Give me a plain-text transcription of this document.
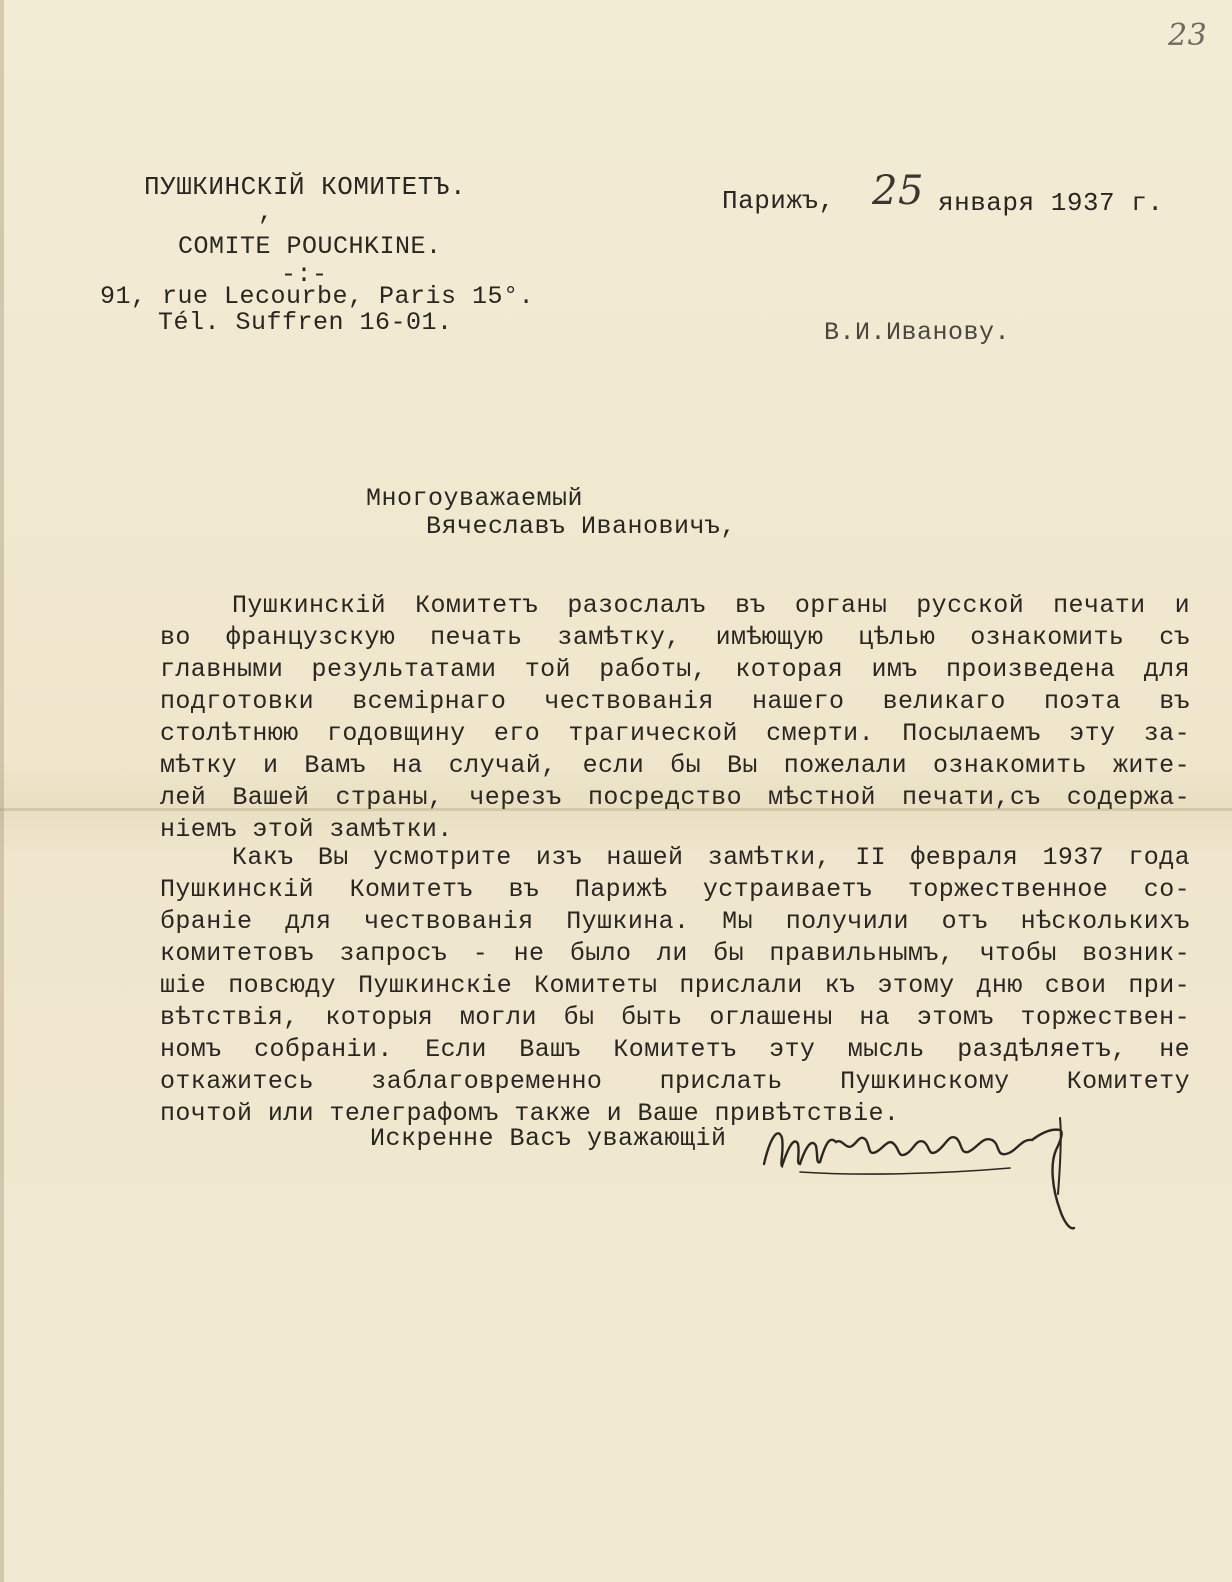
23
ПУШКИНСКIЙ КОМИТЕТЪ.
,
COMITE POUCHKINE.
-:-
91, rue Lecourbe, Paris 15°.
Tél. Suffren 16-01.
Парижъ, 25 января 1937 г.
В.И.Иванову.
Многоуважаемый
Вячеславъ Ивановичъ,
Пушкинскiй Комитетъ разослалъ въ органы русской печати и
во французскую печать замѣтку, имѣющую цѣлью ознакомить съ
главными результатами той работы, которая имъ произведена для
подготовки всемiрнаго чествованiя нашего великаго поэта въ
столѣтнюю годовщину его трагической смерти. Посылаемъ эту за-
мѣтку и Вамъ на случай, если бы Вы пожелали ознакомить жите-
лей Вашей страны, черезъ посредство мѣстной печати,съ содержа-
нiемъ этой замѣтки.
Какъ Вы усмотрите изъ нашей замѣтки, II февраля 1937 года
Пушкинскiй Комитетъ въ Парижѣ устраиваетъ торжественное со-
бранiе для чествованiя Пушкина. Мы получили отъ нѣсколькихъ
комитетовъ запросъ - не было ли бы правильнымъ, чтобы возник-
шiе повсюду Пушкинскiе Комитеты прислали къ этому дню свои при-
вѣтствiя, которыя могли бы быть оглашены на этомъ торжествен-
номъ собранiи. Если Вашъ Комитетъ эту мысль раздѣляетъ, не
откажитесь заблаговременно прислать Пушкинскому Комитету
почтой или телеграфомъ также и Ваше привѣтствiе.
Искренне Васъ уважающiй
